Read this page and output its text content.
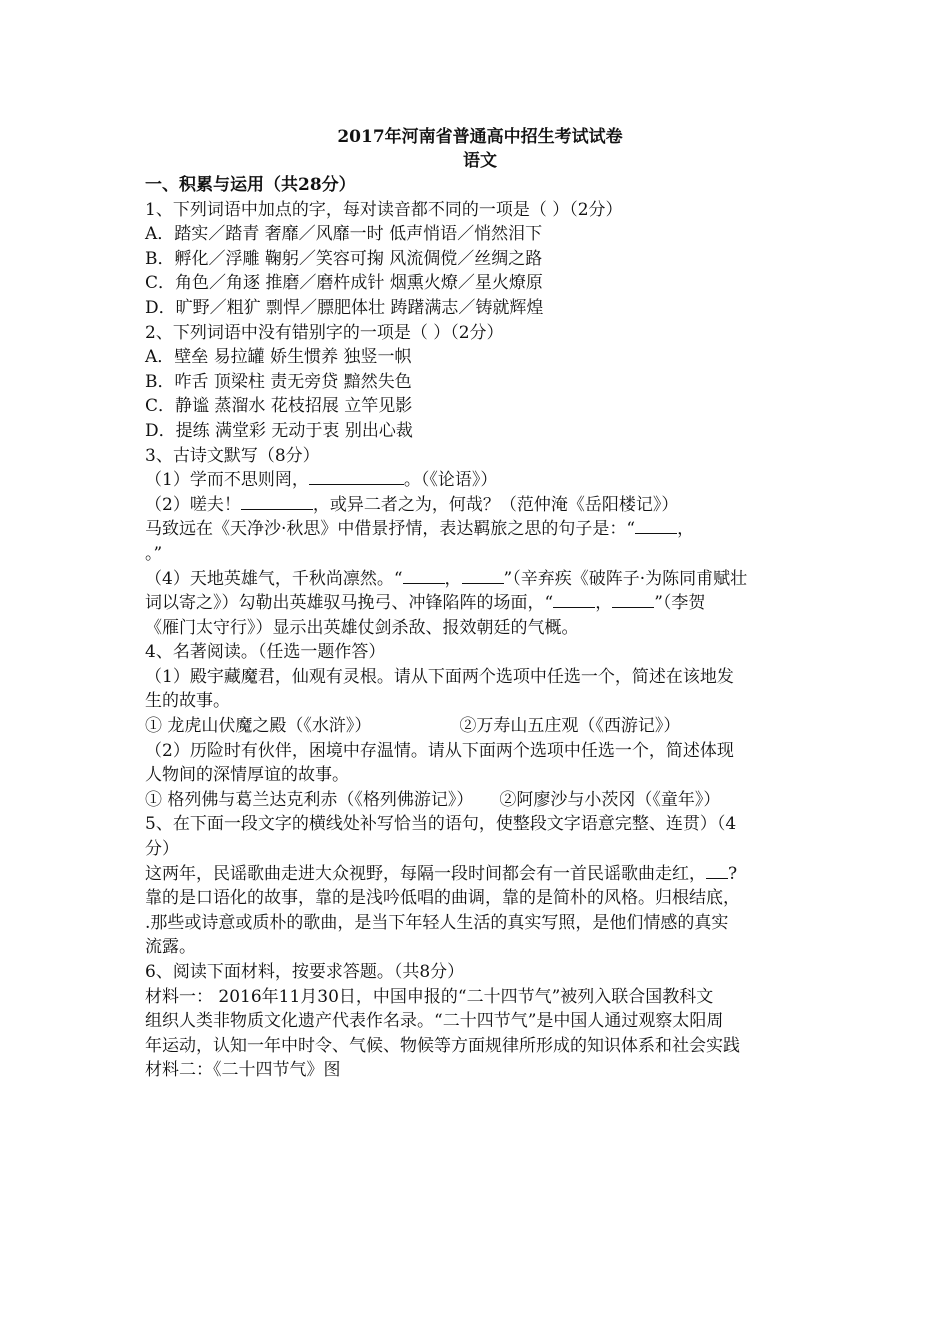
2017年河南省普通高中招生考试试卷
语文
一、积累与运用（共28分）
1、下列词语中加点的字，每对读音都不同的一项是（ ）（2分）
A．踏实／踏青 奢靡／风靡一时 低声悄语／悄然泪下
B．孵化／浮雕 鞠躬／笑容可掬 风流倜傥／丝绸之路
C．角色／角逐 推磨／磨杵成针 烟熏火燎／星火燎原
D．旷野／粗犷 剽悍／膘肥体壮 踌躇满志／铸就辉煌
2、下列词语中没有错别字的一项是（ ）（2分）
A．壁垒 易拉罐 娇生惯养 独竖一帜
B．咋舌 顶梁柱 责无旁贷 黯然失色
C．静谧 蒸溜水 花枝招展 立竿见影
D．提练 满堂彩 无动于衷 别出心裁
3、古诗文默写（8分）
（1）学而不思则罔，	。（《论语》）
（2）嗟夫！	，或异二者之为，何哉？（范仲淹《岳阳楼记》）
马致远在《天净沙·秋思》中借景抒情，表达羁旅之思的句子是：“ ，
。”
（4）天地英雄气，千秋尚凛然。“ ， ”（辛弃疾《破阵子·为陈同甫赋壮
词以寄之》）勾勒出英雄驭马挽弓、冲锋陷阵的场面，“ ， ”（李贺
《雁门太守行》）显示出英雄仗剑杀敌、报效朝廷的气概。
4、名著阅读。（任选一题作答）
（1）殿宇藏魔君，仙观有灵根。请从下面两个选项中任选一个，简述在该地发
生的故事。
① 龙虎山伏魔之殿（《水浒》）	②万寿山五庄观（《西游记》）
（2）历险时有伙伴，困境中存温情。请从下面两个选项中任选一个，简述体现
人物间的深情厚谊的故事。
① 格列佛与葛兰达克利赤（《格列佛游记》） ②阿廖沙与小茨冈（《童年》）
5、在下面一段文字的横线处补写恰当的语句，使整段文字语意完整、连贯）（4
分）
这两年，民谣歌曲走进大众视野，每隔一段时间都会有一首民谣歌曲走红， ?
靠的是口语化的故事，靠的是浅吟低唱的曲调，靠的是简朴的风格。归根结底，
.那些或诗意或质朴的歌曲，是当下年轻人生活的真实写照，是他们情感的真实
流露。
6、阅读下面材料，按要求答题。（共8分）
材料一： 2016年11月30日，中国申报的“二十四节气”被列入联合国教科文
组织人类非物质文化遗产代表作名录。“二十四节气”是中国人通过观察太阳周
年运动，认知一年中时令、气候、物候等方面规律所形成的知识体系和社会实践
材料二：《二十四节气》图
